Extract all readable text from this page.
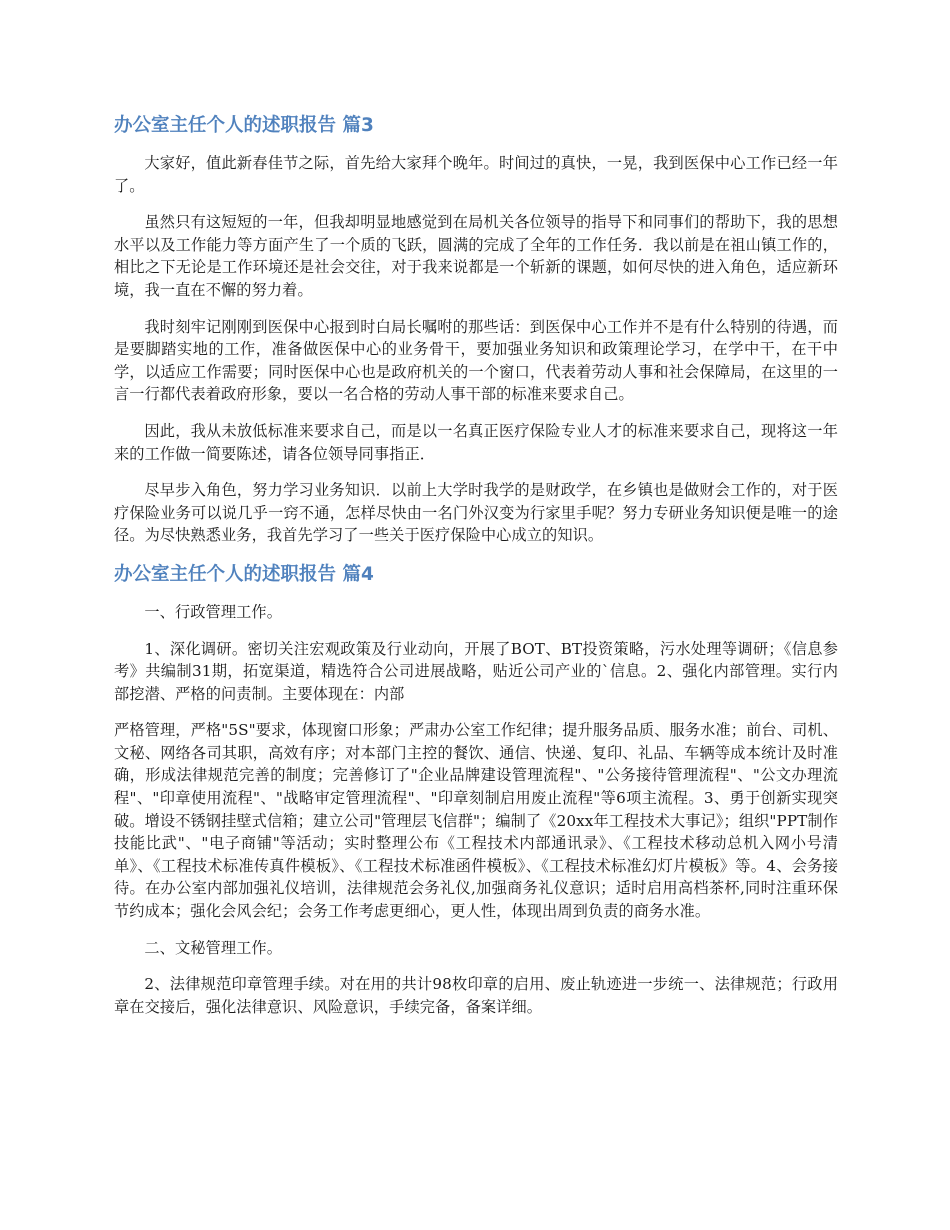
办公室主任个人的述职报告 篇3

大家好，值此新春佳节之际，首先给大家拜个晚年。时间过的真快，一晃，我到医保中心工作已经一年了。

虽然只有这短短的一年，但我却明显地感觉到在局机关各位领导的指导下和同事们的帮助下，我的思想水平以及工作能力等方面产生了一个质的飞跃，圆满的完成了全年的工作任务．我以前是在祖山镇工作的，相比之下无论是工作环境还是社会交往，对于我来说都是一个斩新的课题，如何尽快的进入角色，适应新环境，我一直在不懈的努力着。

我时刻牢记刚刚到医保中心报到时白局长嘱咐的那些话：到医保中心工作并不是有什么特别的待遇，而是要脚踏实地的工作，准备做医保中心的业务骨干，要加强业务知识和政策理论学习，在学中干，在干中学，以适应工作需要；同时医保中心也是政府机关的一个窗口，代表着劳动人事和社会保障局，在这里的一言一行都代表着政府形象，要以一名合格的劳动人事干部的标准来要求自己。

因此，我从未放低标准来要求自己，而是以一名真正医疗保险专业人才的标准来要求自己，现将这一年来的工作做一简要陈述，请各位领导同事指正．

尽早步入角色，努力学习业务知识．以前上大学时我学的是财政学，在乡镇也是做财会工作的，对于医疗保险业务可以说几乎一窍不通，怎样尽快由一名门外汉变为行家里手呢？努力专研业务知识便是唯一的途径。为尽快熟悉业务，我首先学习了一些关于医疗保险中心成立的知识。

办公室主任个人的述职报告 篇4

一、行政管理工作。

1、深化调研。密切关注宏观政策及行业动向，开展了BOT、BT投资策略，污水处理等调研；《信息参考》共编制31期，拓宽渠道，精选符合公司进展战略，贴近公司产业的`信息。2、强化内部管理。实行内部挖潜、严格的问责制。主要体现在：内部

严格管理，严格"5S"要求，体现窗口形象；严肃办公室工作纪律；提升服务品质、服务水准；前台、司机、文秘、网络各司其职，高效有序；对本部门主控的餐饮、通信、快递、复印、礼品、车辆等成本统计及时准确，形成法律规范完善的制度；完善修订了"企业品牌建设管理流程"、"公务接待管理流程"、"公文办理流程"、"印章使用流程"、"战略审定管理流程"、"印章刻制启用废止流程"等6项主流程。3、勇于创新实现突破。增设不锈钢挂壁式信箱；建立公司"管理层飞信群"；编制了《20xx年工程技术大事记》；组织"PPT制作技能比武"、"电子商铺"等活动；实时整理公布《工程技术内部通讯录》、《工程技术移动总机入网小号清单》、《工程技术标准传真件模板》、《工程技术标准函件模板》、《工程技术标准幻灯片模板》等。4、会务接待。在办公室内部加强礼仪培训，法律规范会务礼仪,加强商务礼仪意识；适时启用高档茶杯,同时注重环保节约成本；强化会风会纪；会务工作考虑更细心，更人性，体现出周到负责的商务水准。

二、文秘管理工作。

2、法律规范印章管理手续。对在用的共计98枚印章的启用、废止轨迹进一步统一、法律规范；行政用章在交接后，强化法律意识、风险意识，手续完备，备案详细。
